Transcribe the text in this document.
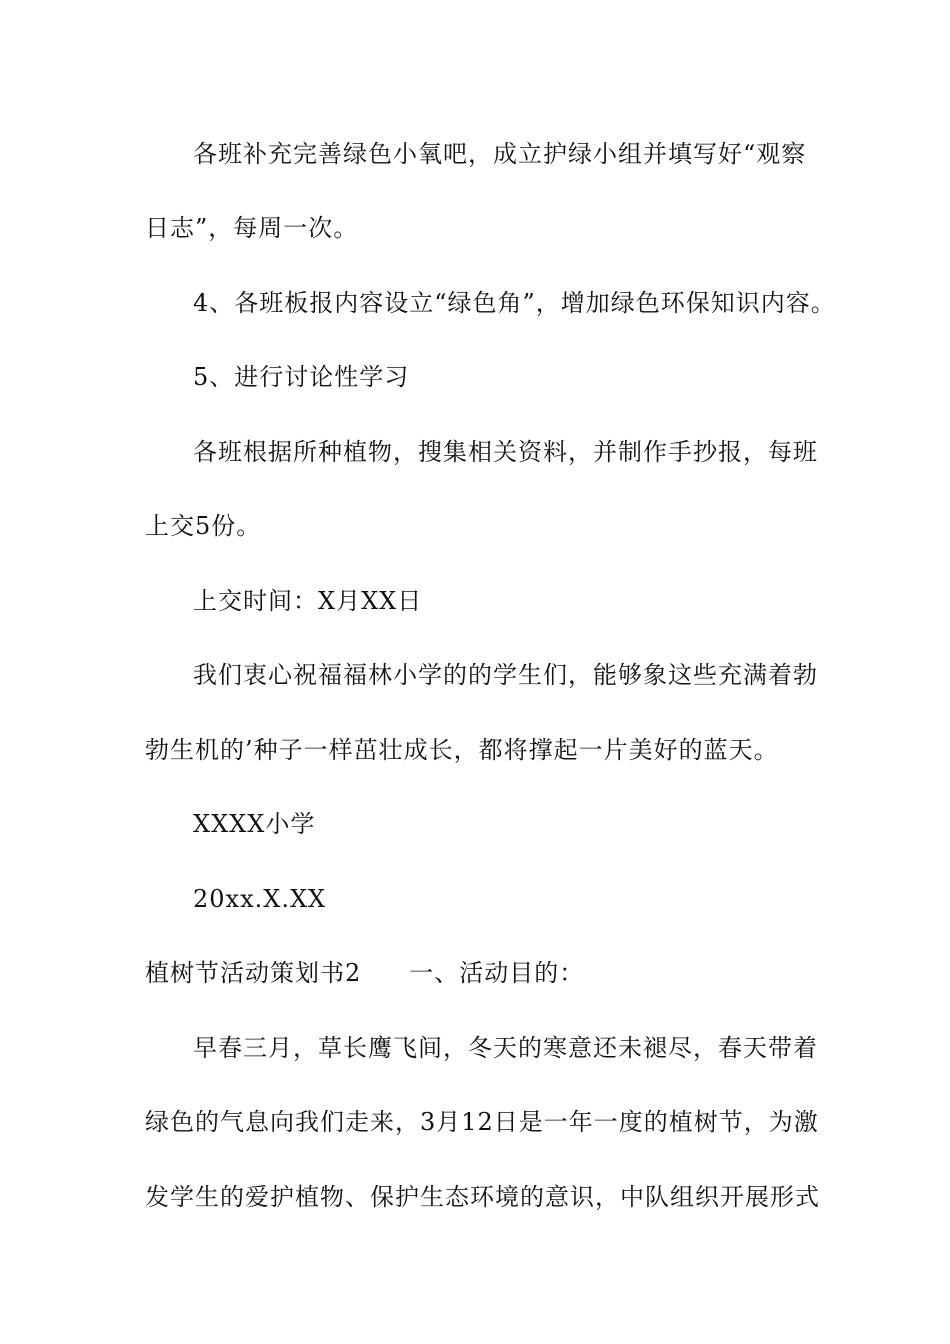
各班补充完善绿色小氧吧，成立护绿小组并填写好“观察
日志”，每周一次。
4、各班板报内容设立“绿色角”，增加绿色环保知识内容。
5、进行讨论性学习
各班根据所种植物，搜集相关资料，并制作手抄报，每班
上交5份。
上交时间：X月XX日
我们衷心祝福福林小学的的学生们，能够象这些充满着勃
勃生机的’种子一样茁壮成长，都将撑起一片美好的蓝天。
XXXX小学
20xx.X.XX
植树节活动策划书2 一、活动目的：
早春三月，草长鹰飞间，冬天的寒意还未褪尽，春天带着
绿色的气息向我们走来，3月12日是一年一度的植树节，为激
发学生的爱护植物、保护生态环境的意识，中队组织开展形式
